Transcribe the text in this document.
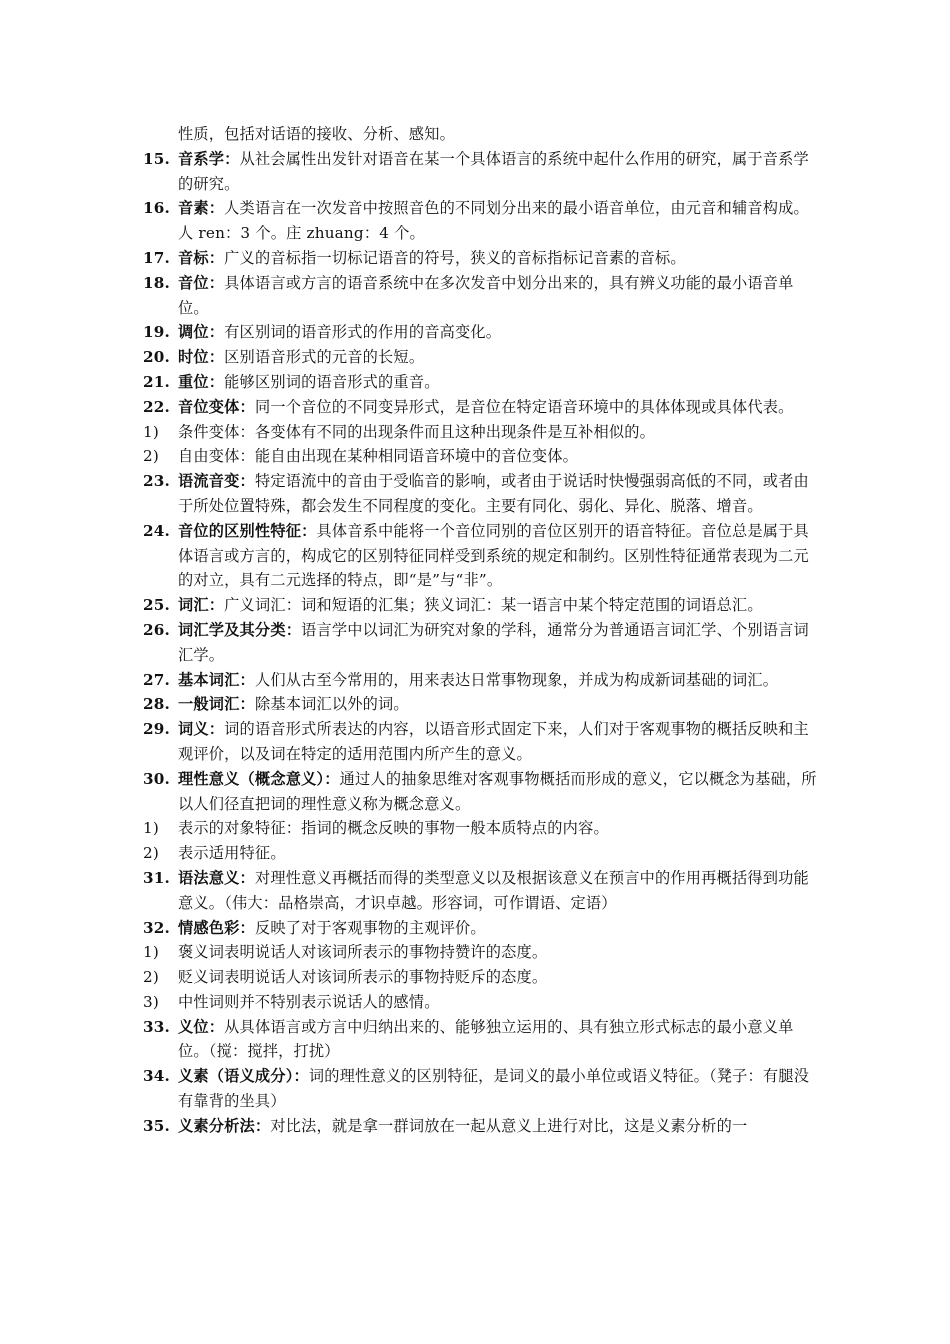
性质，包括对话语的接收、分析、感知。
15. 音系学：从社会属性出发针对语音在某一个具体语言的系统中起什么作用的研究，属于音系学的研究。
16. 音素：人类语言在一次发音中按照音色的不同划分出来的最小语音单位，由元音和辅音构成。人 ren：3 个。庄 zhuang：4 个。
17. 音标：广义的音标指一切标记语音的符号，狭义的音标指标记音素的音标。
18. 音位：具体语言或方言的语音系统中在多次发音中划分出来的，具有辨义功能的最小语音单位。
19. 调位：有区别词的语音形式的作用的音高变化。
20. 时位：区别语音形式的元音的长短。
21. 重位：能够区别词的语音形式的重音。
22. 音位变体：同一个音位的不同变异形式，是音位在特定语音环境中的具体体现或具体代表。
1) 条件变体：各变体有不同的出现条件而且这种出现条件是互补相似的。
2) 自由变体：能自由出现在某种相同语音环境中的音位变体。
23. 语流音变：特定语流中的音由于受临音的影响，或者由于说话时快慢强弱高低的不同，或者由于所处位置特殊，都会发生不同程度的变化。主要有同化、弱化、异化、脱落、增音。
24. 音位的区别性特征：具体音系中能将一个音位同别的音位区别开的语音特征。音位总是属于具体语言或方言的，构成它的区别特征同样受到系统的规定和制约。区别性特征通常表现为二元的对立，具有二元选择的特点，即“是”与“非”。
25. 词汇：广义词汇：词和短语的汇集；狭义词汇：某一语言中某个特定范围的词语总汇。
26. 词汇学及其分类：语言学中以词汇为研究对象的学科，通常分为普通语言词汇学、个别语言词汇学。
27. 基本词汇：人们从古至今常用的，用来表达日常事物现象，并成为构成新词基础的词汇。
28. 一般词汇：除基本词汇以外的词。
29. 词义：词的语音形式所表达的内容，以语音形式固定下来，人们对于客观事物的概括反映和主观评价，以及词在特定的适用范围内所产生的意义。
30. 理性意义（概念意义）：通过人的抽象思维对客观事物概括而形成的意义，它以概念为基础，所以人们径直把词的理性意义称为概念意义。
1) 表示的对象特征：指词的概念反映的事物一般本质特点的内容。
2) 表示适用特征。
31. 语法意义：对理性意义再概括而得的类型意义以及根据该意义在预言中的作用再概括得到功能意义。（伟大：品格崇高，才识卓越。形容词，可作谓语、定语）
32. 情感色彩：反映了对于客观事物的主观评价。
1) 褒义词表明说话人对该词所表示的事物持赞许的态度。
2) 贬义词表明说话人对该词所表示的事物持贬斥的态度。
3) 中性词则并不特别表示说话人的感情。
33. 义位：从具体语言或方言中归纳出来的、能够独立运用的、具有独立形式标志的最小意义单位。（搅：搅拌，打扰）
34. 义素（语义成分）：词的理性意义的区别特征，是词义的最小单位或语义特征。（凳子：有腿没有靠背的坐具）
35. 义素分析法：对比法，就是拿一群词放在一起从意义上进行对比，这是义素分析的一
